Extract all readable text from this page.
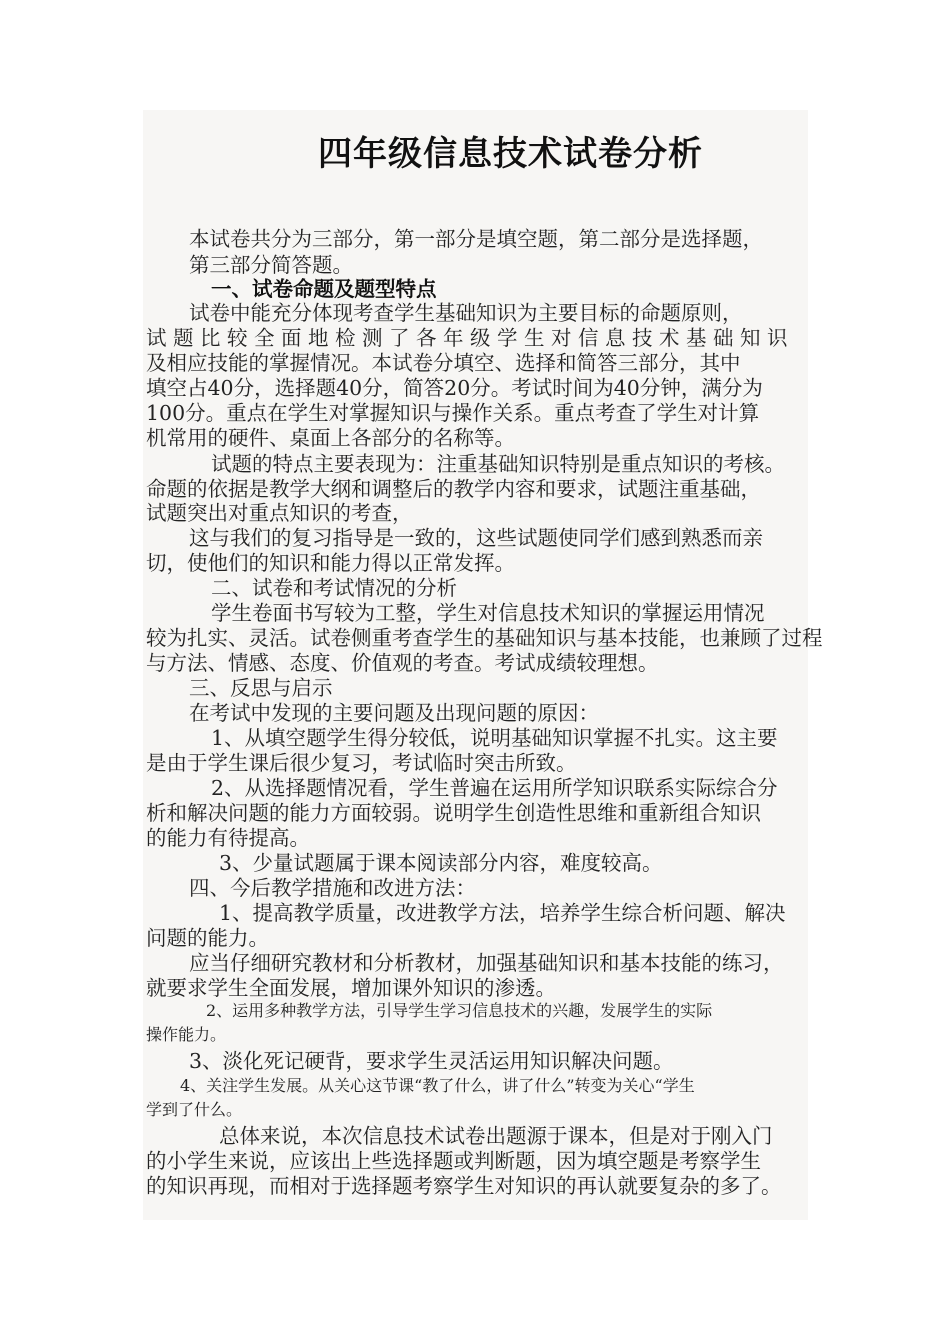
四年级信息技术试卷分析
本试卷共分为三部分，第一部分是填空题，第二部分是选择题，
第三部分简答题。
一、试卷命题及题型特点
试卷中能充分体现考查学生基础知识为主要目标的命题原则，
试题比较全面地检测了各年级学生对信息技术基础知识
及相应技能的掌握情况。本试卷分填空、选择和简答三部分，其中
填空占40分，选择题40分，简答20分。考试时间为40分钟，满分为
100分。重点在学生对掌握知识与操作关系。重点考查了学生对计算
机常用的硬件、桌面上各部分的名称等。
试题的特点主要表现为：注重基础知识特别是重点知识的考核。
命题的依据是教学大纲和调整后的教学内容和要求，试题注重基础，
试题突出对重点知识的考查，
这与我们的复习指导是一致的，这些试题使同学们感到熟悉而亲
切，使他们的知识和能力得以正常发挥。
二、试卷和考试情况的分析
学生卷面书写较为工整，学生对信息技术知识的掌握运用情况
较为扎实、灵活。试卷侧重考查学生的基础知识与基本技能，也兼顾了过程
与方法、情感、态度、价值观的考查。考试成绩较理想。
三、反思与启示
在考试中发现的主要问题及出现问题的原因：
1、从填空题学生得分较低，说明基础知识掌握不扎实。这主要
是由于学生课后很少复习，考试临时突击所致。
2、从选择题情况看，学生普遍在运用所学知识联系实际综合分
析和解决问题的能力方面较弱。说明学生创造性思维和重新组合知识
的能力有待提高。
3、少量试题属于课本阅读部分内容，难度较高。
四、今后教学措施和改进方法：
1、提高教学质量，改进教学方法，培养学生综合析问题、解决
问题的能力。
应当仔细研究教材和分析教材，加强基础知识和基本技能的练习，
就要求学生全面发展，增加课外知识的渗透。
2、运用多种教学方法，引导学生学习信息技术的兴趣，发展学生的实际
操作能力。
3、淡化死记硬背，要求学生灵活运用知识解决问题。
4、关注学生发展。从关心这节课“教了什么，讲了什么”转变为关心“学生
学到了什么。
总体来说，本次信息技术试卷出题源于课本，但是对于刚入门
的小学生来说，应该出上些选择题或判断题，因为填空题是考察学生
的知识再现，而相对于选择题考察学生对知识的再认就要复杂的多了。
